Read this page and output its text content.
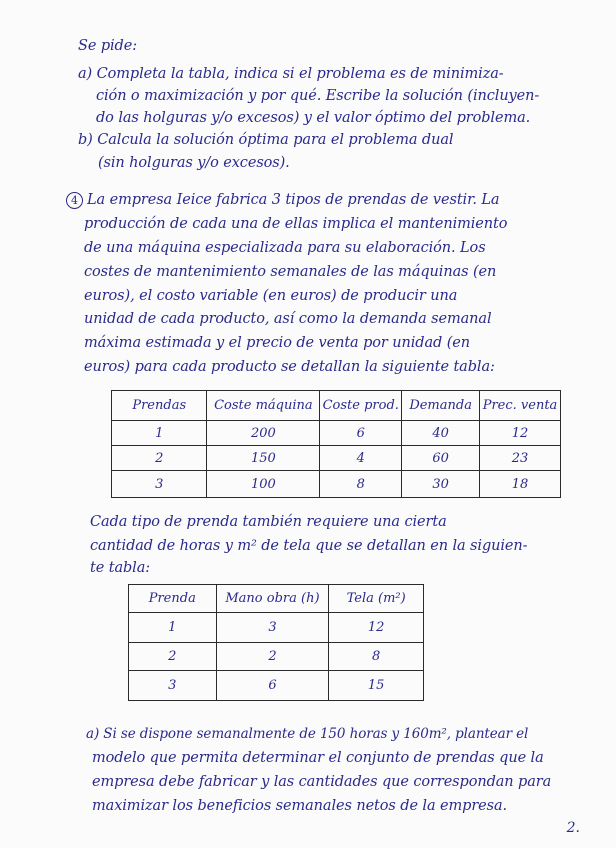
Se pide:
a) Completa la tabla, indica si el problema es de minimiza-
ción o maximización y por qué. Escribe la solución (incluyen-
do las holguras y/o excesos) y el valor óptimo del problema.
b) Calcula la solución óptima para el problema dual
(sin holguras y/o excesos).
4 La empresa Ieice fabrica 3 tipos de prendas de vestir. La
producción de cada una de ellas implica el mantenimiento
de una máquina especializada para su elaboración. Los
costes de mantenimiento semanales de las máquinas (en
euros), el costo variable (en euros) de producir una
unidad de cada producto, así como la demanda semanal
máxima estimada y el precio de venta por unidad (en
euros) para cada producto se detallan la siguiente tabla:
Prendas	Coste máquina	Coste prod.	Demanda	Prec. venta
1	200	6	40	12
2	150	4	60	23
3	100	8	30	18
Cada tipo de prenda también requiere una cierta
cantidad de horas y m² de tela que se detallan en la siguien-
te tabla:
Prenda	Mano obra (h)	Tela (m²)
1	3	12
2	2	8
3	6	15
a) Si se dispone semanalmente de 150 horas y 160m², plantear el
modelo que permita determinar el conjunto de prendas que la
empresa debe fabricar y las cantidades que correspondan para
maximizar los beneficios semanales netos de la empresa.
2.
